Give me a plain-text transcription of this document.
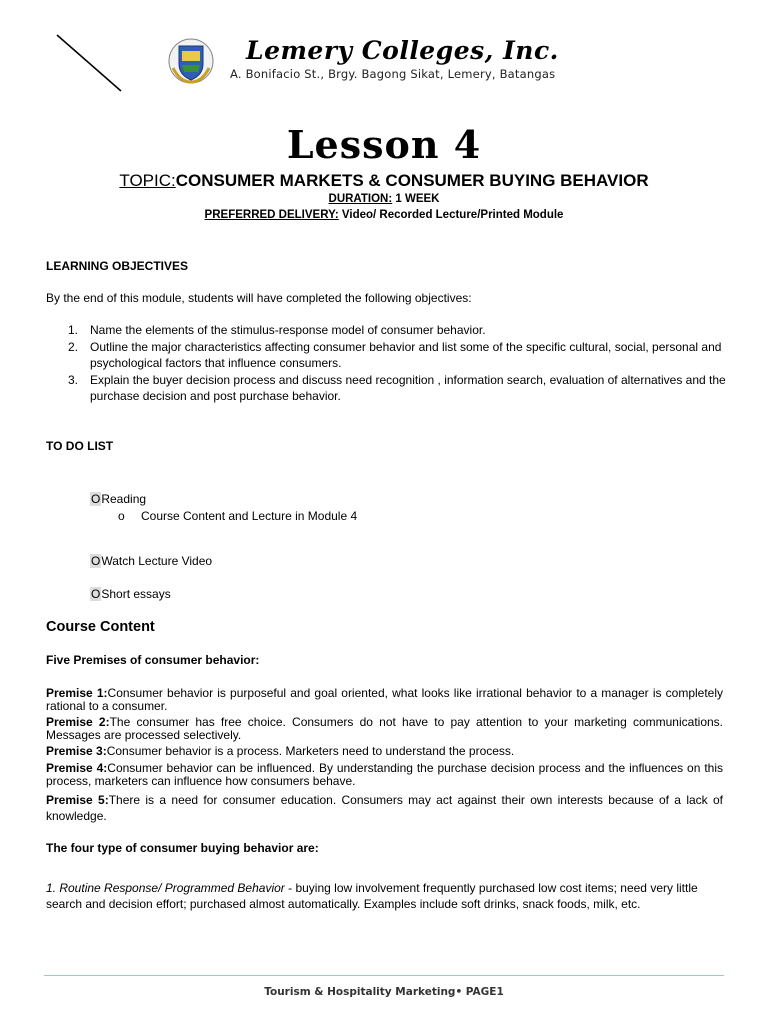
Lemery Colleges, Inc.
A. Bonifacio St., Brgy. Bagong Sikat, Lemery, Batangas
Lesson 4
TOPIC:CONSUMER MARKETS & CONSUMER BUYING BEHAVIOR
DURATION: 1 WEEK
PREFERRED DELIVERY: Video/ Recorded Lecture/Printed Module
LEARNING OBJECTIVES
By the end of this module, students will have completed the following objectives:
1. Name the elements of the stimulus-response model of consumer behavior.
2. Outline the major characteristics affecting consumer behavior and list some of the specific cultural, social, personal and psychological factors that influence consumers.
3. Explain the buyer decision process and discuss need recognition , information search, evaluation of alternatives and the purchase decision and post purchase behavior.
TO DO LIST
OReading
o Course Content and Lecture in Module 4
OWatch Lecture Video
OShort essays
Course Content
Five Premises of consumer behavior:
Premise 1:Consumer behavior is purposeful and goal oriented, what looks like irrational behavior to a manager is completely rational to a consumer.
Premise 2:The consumer has free choice. Consumers do not have to pay attention to your marketing communications. Messages are processed selectively.
Premise 3:Consumer behavior is a process. Marketers need to understand the process.
Premise 4:Consumer behavior can be influenced. By understanding the purchase decision process and the influences on this process, marketers can influence how consumers behave.
Premise 5:There is a need for consumer education. Consumers may act against their own interests because of a lack of knowledge.
The four type of consumer buying behavior are:
1. Routine Response/ Programmed Behavior - buying low involvement frequently purchased low cost items; need very little search and decision effort; purchased almost automatically. Examples include soft drinks, snack foods, milk, etc.
Tourism & Hospitality Marketing• PAGE1
